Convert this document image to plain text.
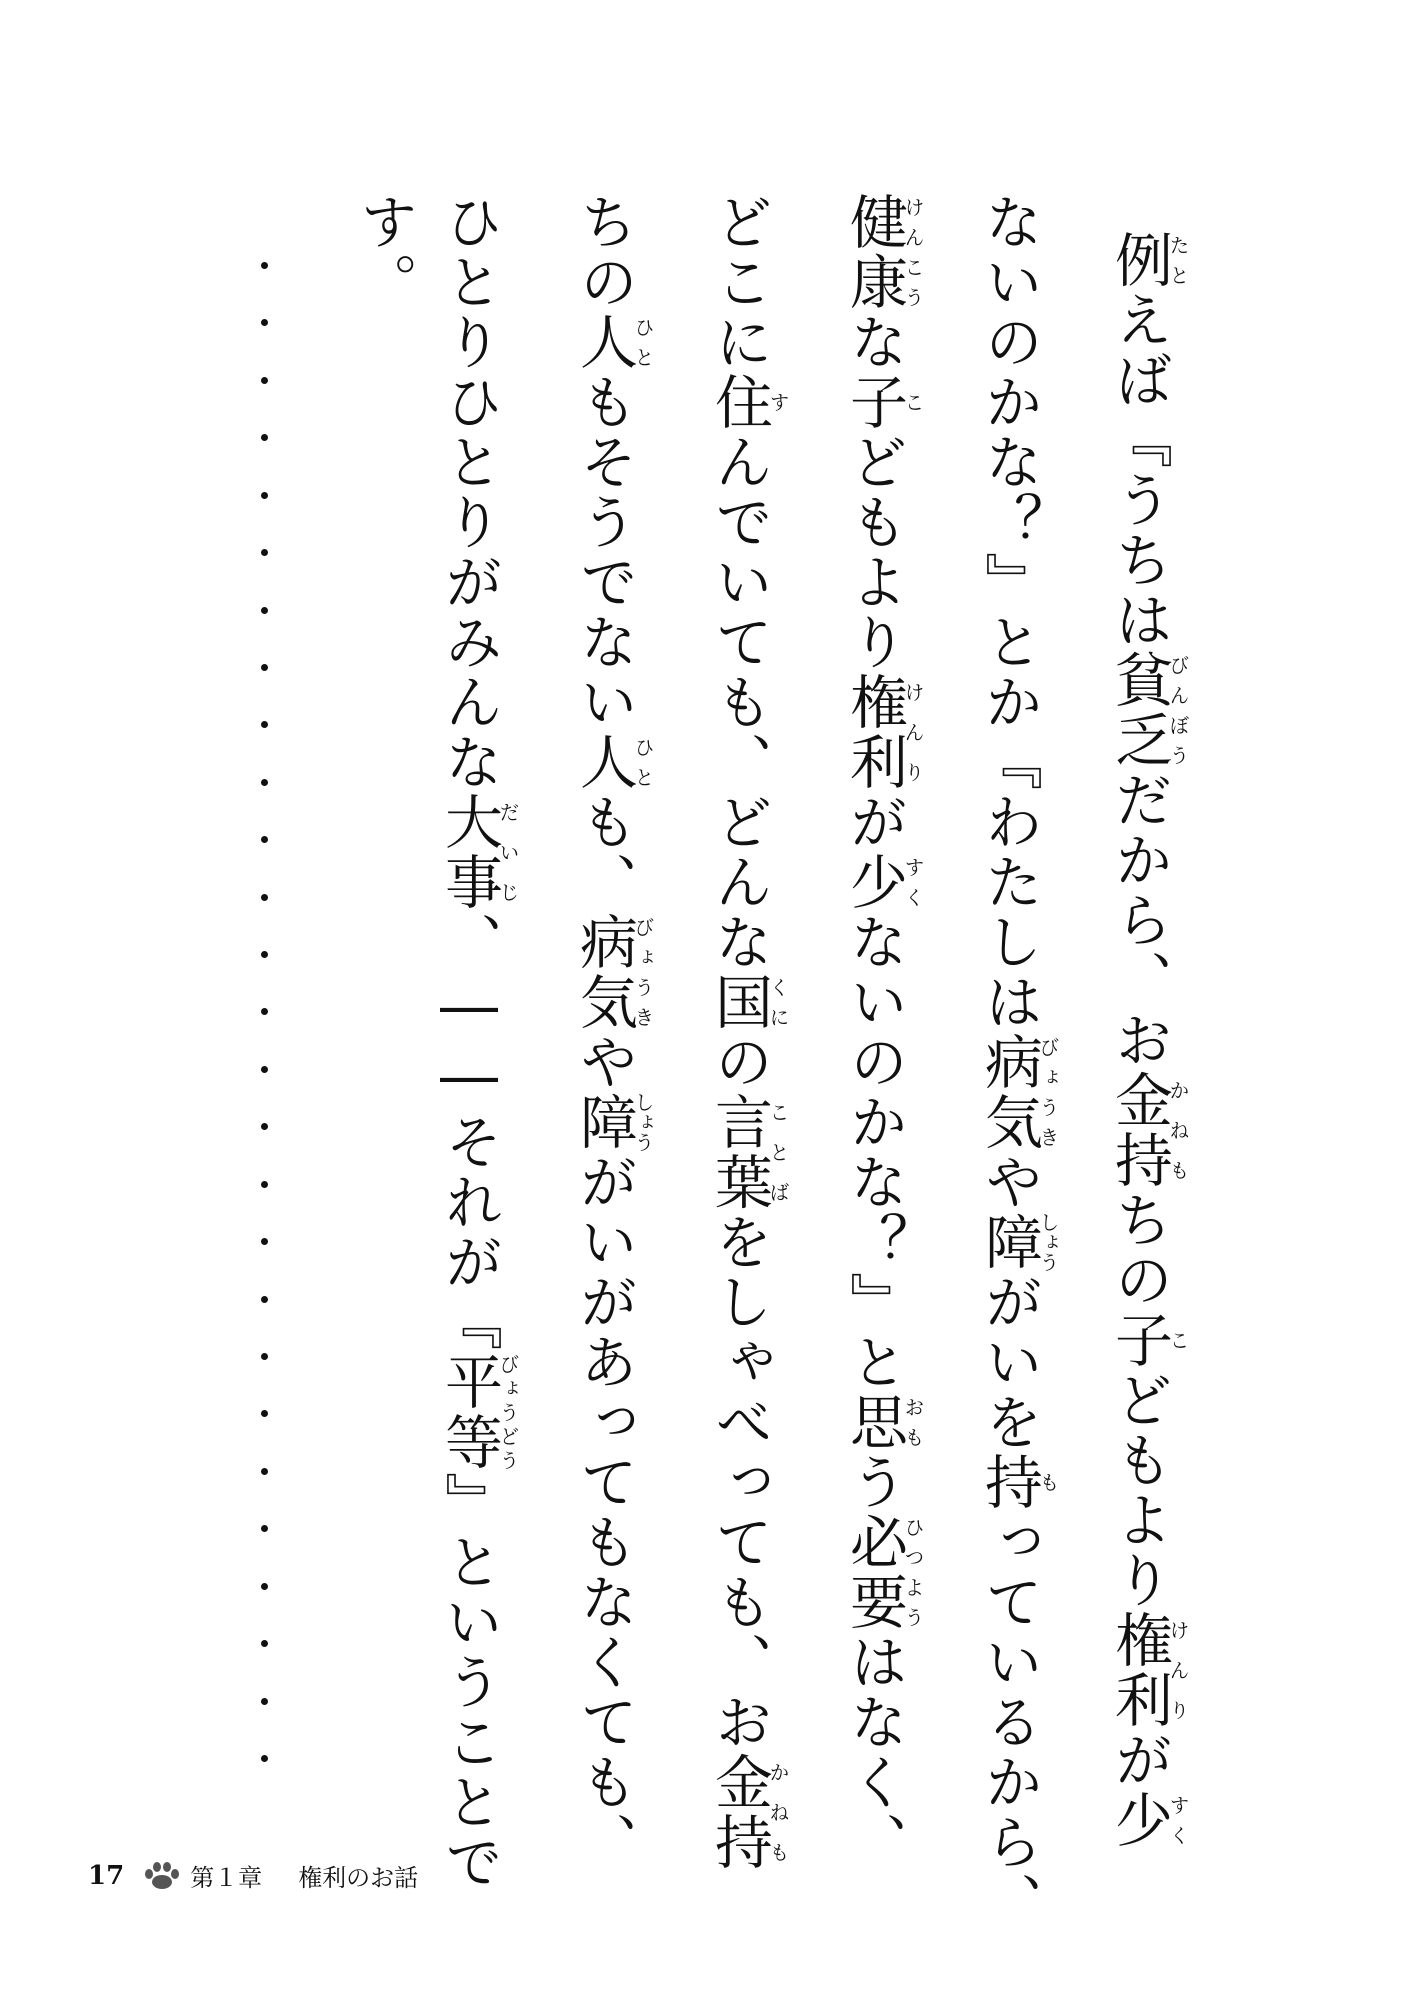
例たとえば『うちは貧乏びんぼうだから、お金持かねもちの子こどもより権利けんりが少すく
ないのかな？』とか『わたしは病気びょうきや障しょうがいを持もっているから、
健康けんこうな子こどもより権利けんりが少すくないのかな？』と思おもう必要ひつようはなく、
どこに住すんでいても、どんな国くにの言葉ことばをしゃべっても、お金持かねも
ちの人ひともそうでない人ひとも、病気びょうきや障しょうがいがあってもなくても、
ひとりひとりがみんな大事だいじ、――それが『平等びょうどう』ということで
す。
17	第１章 権利のお話
